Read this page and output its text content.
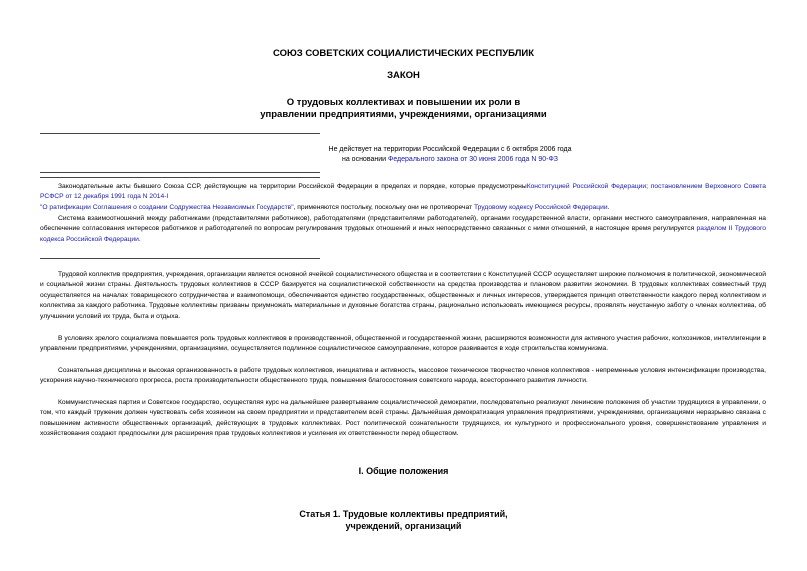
СОЮЗ СОВЕТСКИХ СОЦИАЛИСТИЧЕСКИХ РЕСПУБЛИК
ЗАКОН
О трудовых коллективах и повышении их роли в
управлении предприятиями, учреждениями, организациями
Не действует на территории Российской Федерации с 6 октября 2006 года
на основании Федерального закона от 30 июня 2006 года N 90-ФЗ
Законодательные акты бывшего Союза ССР, действующие на территории Российской Федерации в пределах и порядке, которые предусмотреныКонституцией Российской Федерации; постановлением Верховного Совета РСФСР от 12 декабря 1991 года N 2014-I
"О ратификации Соглашения о создании Содружества Независимых Государств", применяются постольку, поскольку они не противоречат Трудовому кодексу Российской Федерации.
Система взаимоотношений между работниками (представителями работников), работодателями (представителями работодателей), органами государственной власти, органами местного самоуправления, направленная на обеспечение согласования интересов работников и работодателей по вопросам регулирования трудовых отношений и иных непосредственно связанных с ними отношений, в настоящее время регулируется разделом II Трудового кодекса Российской Федерации.
Трудовой коллектив предприятия, учреждения, организации является основной ячейкой социалистического общества и в соответствии с Конституцией СССР осуществляет широкие полномочия в политической, экономической и социальной жизни страны. Деятельность трудовых коллективов в СССР базируется на социалистической собственности на средства производства и плановом развитии экономики. В трудовых коллективах совместный труд осуществляется на началах товарищеского сотрудничества и взаимопомощи, обеспечивается единство государственных, общественных и личных интересов, утверждается принцип ответственности каждого перед коллективом и коллектива за каждого работника. Трудовые коллективы призваны приумножать материальные и духовные богатства страны, рационально использовать имеющиеся ресурсы, проявлять неустанную заботу о членах коллектива, об улучшении условий их труда, быта и отдыха.
В условиях зрелого социализма повышается роль трудовых коллективов в производственной, общественной и государственной жизни, расширяются возможности для активного участия рабочих, колхозников, интеллигенции в управлении предприятиями, учреждениями, организациями, осуществляется подлинное социалистическое самоуправление, которое развивается в ходе строительства коммунизма.
Сознательная дисциплина и высокая организованность в работе трудовых коллективов, инициатива и активность, массовое техническое творчество членов коллективов - непременные условия интенсификации производства, ускорения научно-технического прогресса, роста производительности общественного труда, повышения благосостояния советского народа, всестороннего развития личности.
Коммунистическая партия и Советское государство, осуществляя курс на дальнейшее развертывание социалистической демократии, последовательно реализуют ленинские положения об участии трудящихся в управлении, о том, что каждый труженик должен чувствовать себя хозяином на своем предприятии и представителем всей страны. Дальнейшая демократизация управления предприятиями, учреждениями, организациями неразрывно связана с повышением активности общественных организаций, действующих в трудовых коллективах. Рост политической сознательности трудящихся, их культурного и профессионального уровня, совершенствование управления и хозяйствования создают предпосылки для расширения прав трудовых коллективов и усиления их ответственности перед обществом.
I. Общие положения
Статья 1. Трудовые коллективы предприятий,
учреждений, организаций
